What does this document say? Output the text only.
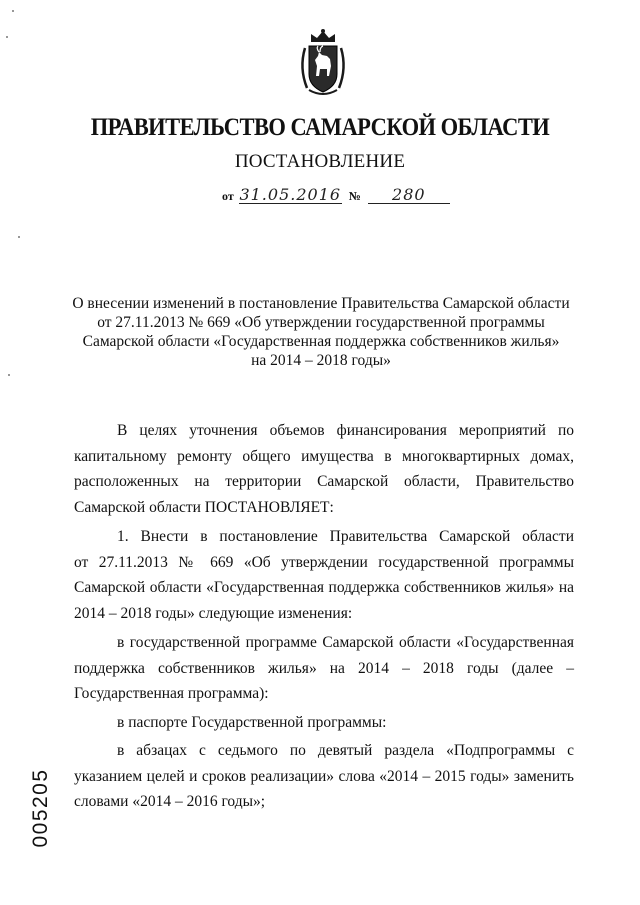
ПРАВИТЕЛЬСТВО САМАРСКОЙ ОБЛАСТИ
ПОСТАНОВЛЕНИЕ
от 31.05.2016 № 280
О внесении изменений в постановление Правительства Самарской области
от 27.11.2013 № 669 «Об утверждении государственной программы
Самарской области «Государственная поддержка собственников жилья»
на 2014 – 2018 годы»
В целях уточнения объемов финансирования мероприятий по
капитальному ремонту общего имущества в многоквартирных домах,
расположенных на территории Самарской области, Правительство
Самарской области ПОСТАНОВЛЯЕТ:
1. Внести в постановление Правительства Самарской области
от 27.11.2013 № 669 «Об утверждении государственной программы
Самарской области «Государственная поддержка собственников жилья» на
2014 – 2018 годы» следующие изменения:
в государственной программе Самарской области «Государственная
поддержка собственников жилья» на 2014 – 2018 годы (далее –
Государственная программа):
в паспорте Государственной программы:
в абзацах с седьмого по девятый раздела «Подпрограммы с
указанием целей и сроков реализации» слова «2014 – 2015 годы» заменить
словами «2014 – 2016 годы»;
005205
